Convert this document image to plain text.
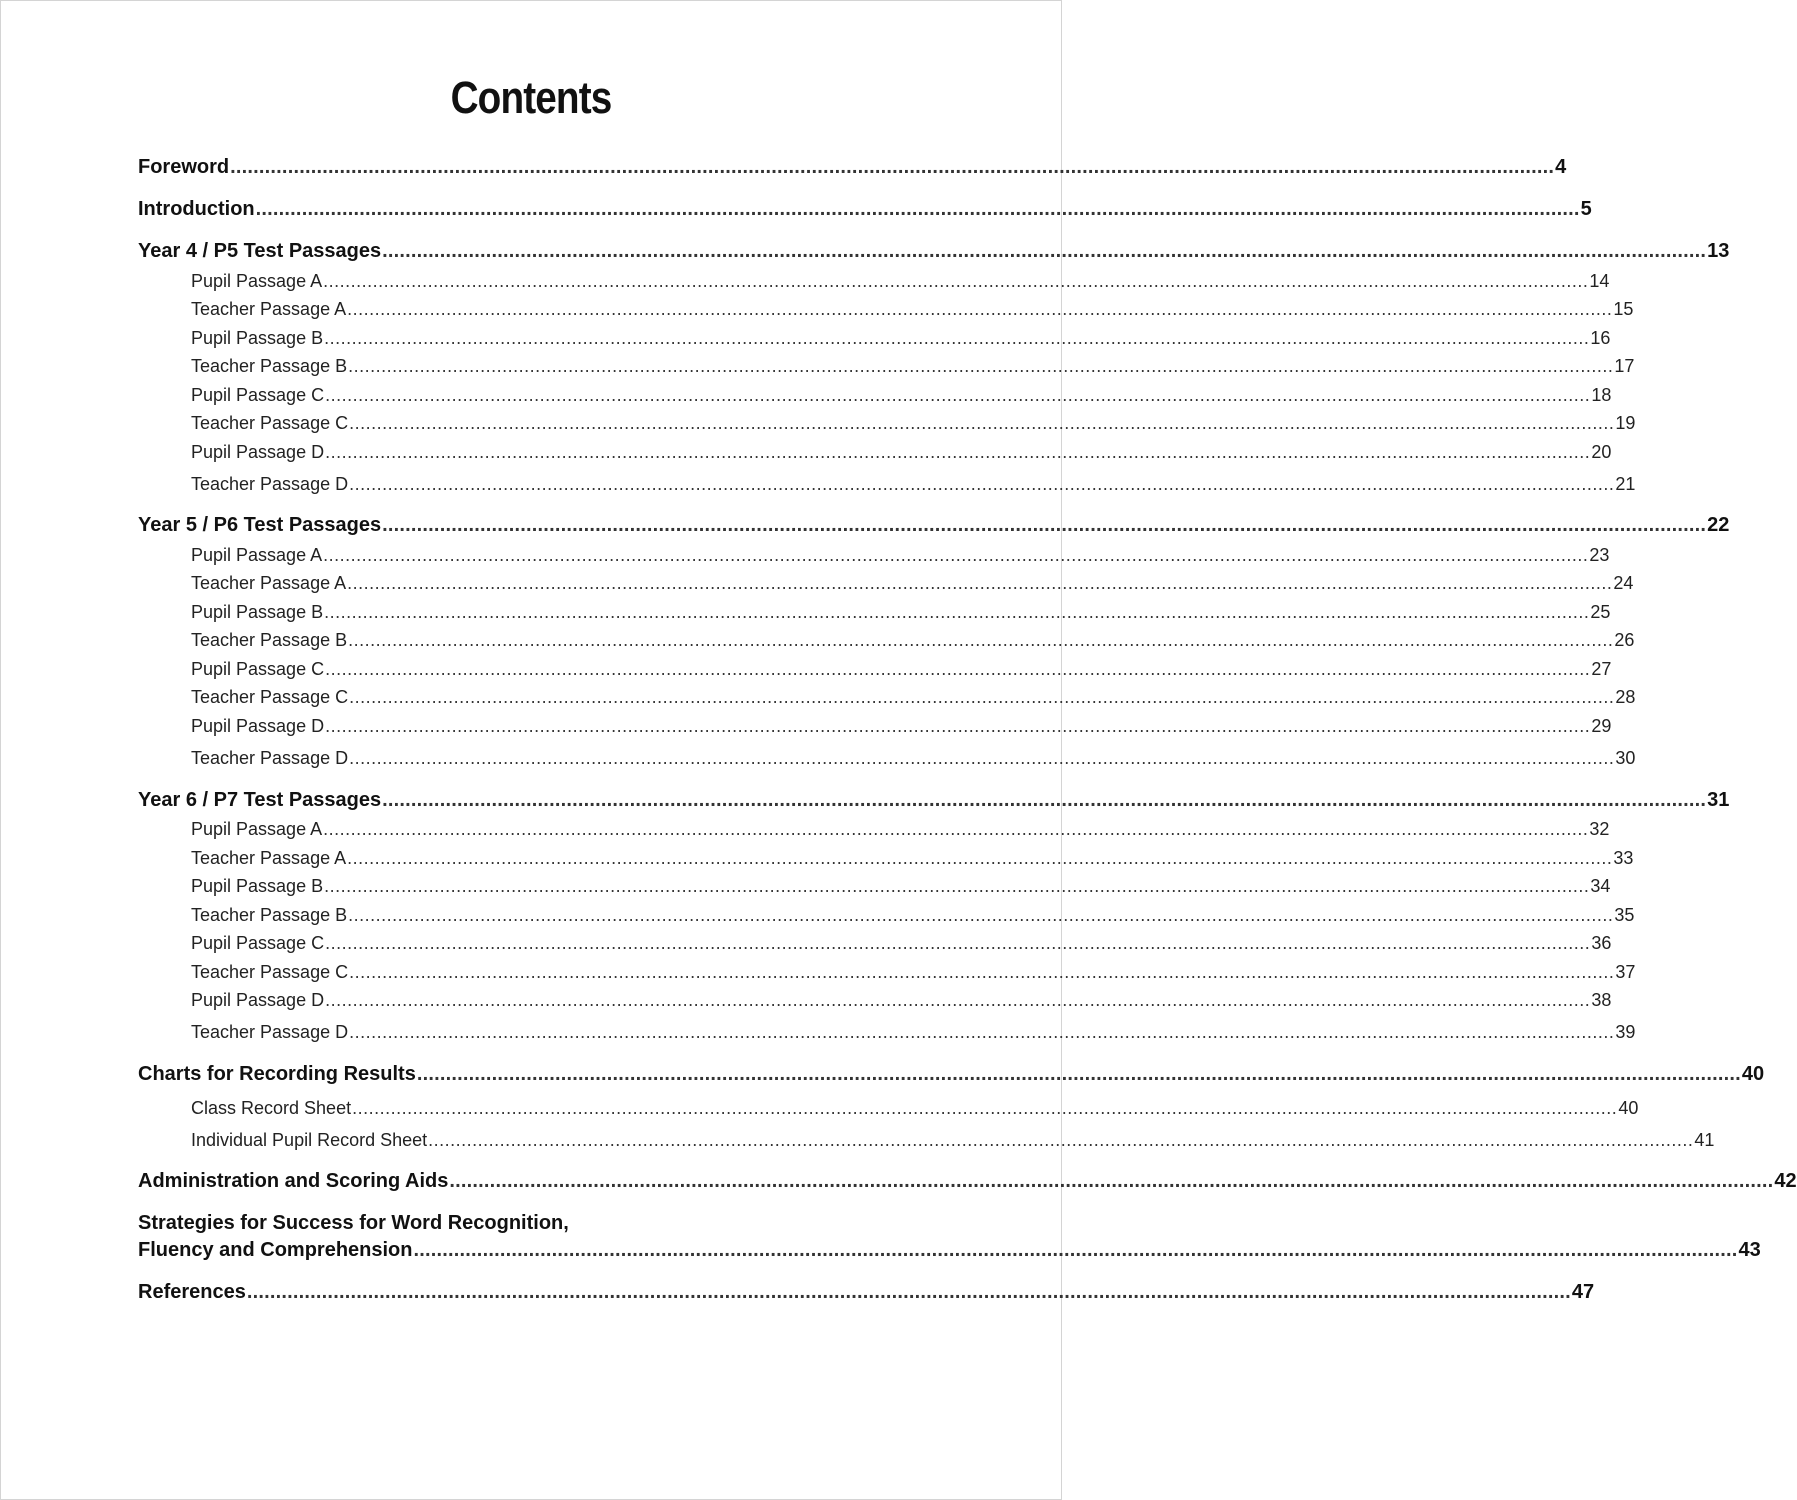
Contents
Foreword ...................................................................................................................................................................................................................................... 4
Introduction ...................................................................................................................................................................................................................................... 5
Year 4 / P5 Test Passages ...................................................................................................................................................................................................................................... 13
Pupil Passage A ...................................................................................................................................................................................................................................... 14
Teacher Passage A ...................................................................................................................................................................................................................................... 15
Pupil Passage B ...................................................................................................................................................................................................................................... 16
Teacher Passage B ...................................................................................................................................................................................................................................... 17
Pupil Passage C ...................................................................................................................................................................................................................................... 18
Teacher Passage C ...................................................................................................................................................................................................................................... 19
Pupil Passage D ...................................................................................................................................................................................................................................... 20
Teacher Passage D ...................................................................................................................................................................................................................................... 21
Year 5 / P6 Test Passages ...................................................................................................................................................................................................................................... 22
Pupil Passage A ...................................................................................................................................................................................................................................... 23
Teacher Passage A ...................................................................................................................................................................................................................................... 24
Pupil Passage B ...................................................................................................................................................................................................................................... 25
Teacher Passage B ...................................................................................................................................................................................................................................... 26
Pupil Passage C ...................................................................................................................................................................................................................................... 27
Teacher Passage C ...................................................................................................................................................................................................................................... 28
Pupil Passage D ...................................................................................................................................................................................................................................... 29
Teacher Passage D ...................................................................................................................................................................................................................................... 30
Year 6 / P7 Test Passages ...................................................................................................................................................................................................................................... 31
Pupil Passage A ...................................................................................................................................................................................................................................... 32
Teacher Passage A ...................................................................................................................................................................................................................................... 33
Pupil Passage B ...................................................................................................................................................................................................................................... 34
Teacher Passage B ...................................................................................................................................................................................................................................... 35
Pupil Passage C ...................................................................................................................................................................................................................................... 36
Teacher Passage C ...................................................................................................................................................................................................................................... 37
Pupil Passage D ...................................................................................................................................................................................................................................... 38
Teacher Passage D ...................................................................................................................................................................................................................................... 39
Charts for Recording Results ...................................................................................................................................................................................................................................... 40
Class Record Sheet ...................................................................................................................................................................................................................................... 40
Individual Pupil Record Sheet ...................................................................................................................................................................................................................................... 41
Administration and Scoring Aids ...................................................................................................................................................................................................................................... 42
Strategies for Success for Word Recognition,
Fluency and Comprehension ...................................................................................................................................................................................................................................... 43
References ...................................................................................................................................................................................................................................... 47
